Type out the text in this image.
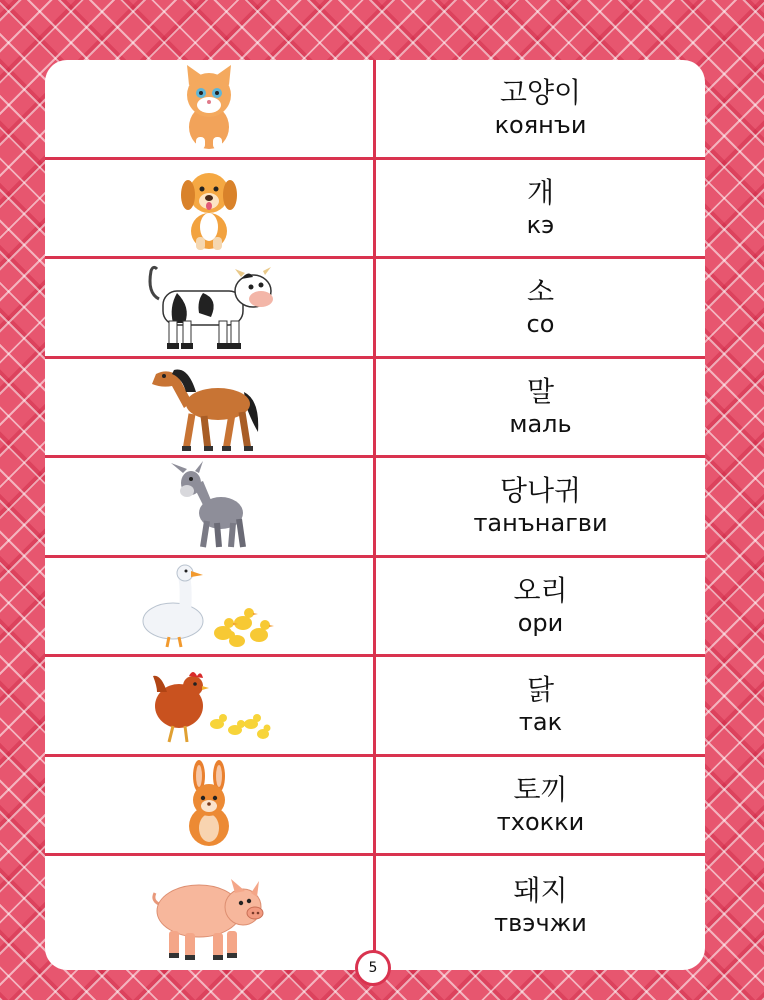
고양이
коянъи
개
кэ
소
со
말
маль
당나귀
танънагви
오리
ори
닭
так
토끼
тхокки
돼지
твэчжи
5
